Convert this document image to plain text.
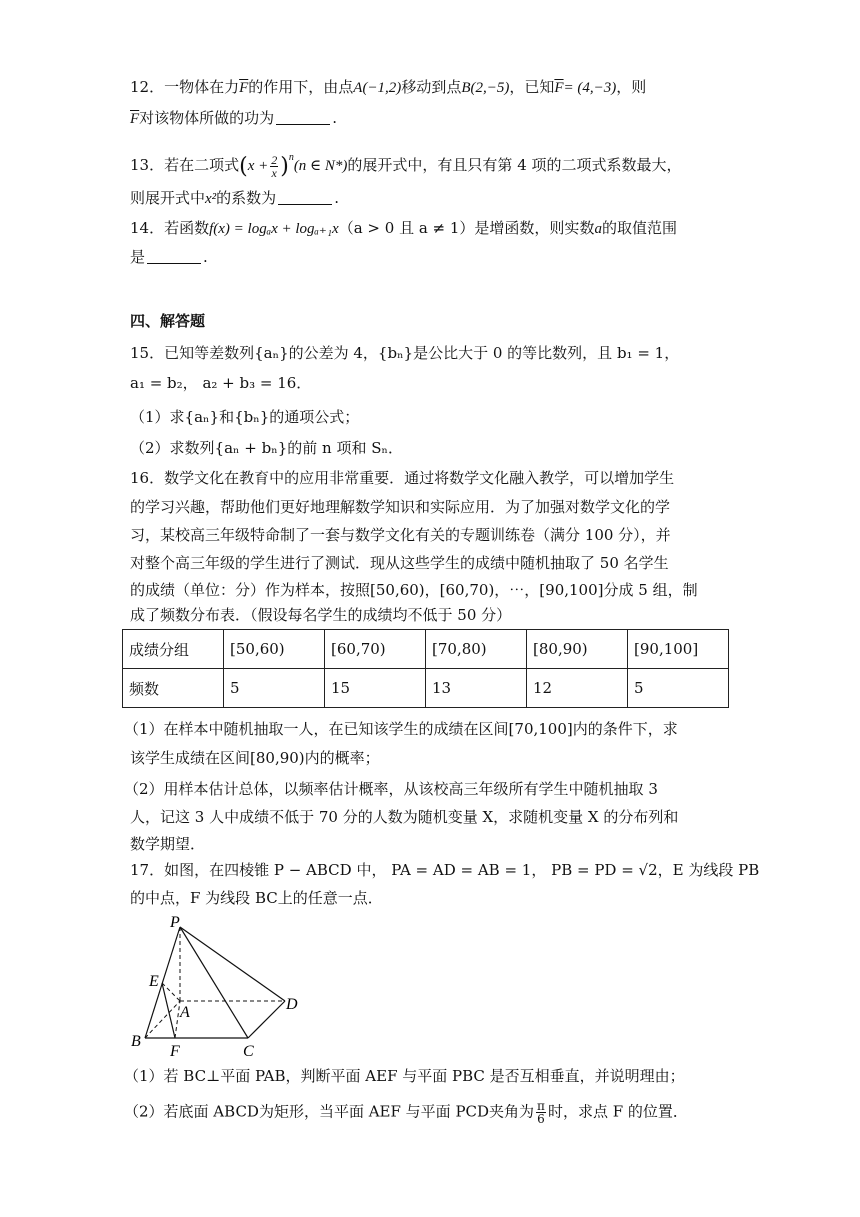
12．一物体在力$\overline{F}$的作用下，由点A(−1,2)移动到点B(2,−5)，已知$\overline{F}= (4,-3)$，则
$\overline{F}$对该物体所做的功为	.
13．若在二项式$(x + \frac{2}{x} )^n(n$ ∈ N*)的展开式中，有且只有第 4 项的二项式系数最大，
则展开式中x²的系数为	.
14．若函数f(x) = logₐx + logₐ₊₁x（a > 0 且 a ≠ 1）是增函数，则实数a的取值范围
是	.
四、解答题
15．已知等差数列{aₙ}的公差为 4，{bₙ}是公比大于 0 的等比数列，且 b₁ = 1，
a₁ = b₂， a₂ + b₃ = 16．
（1）求{aₙ}和{bₙ}的通项公式；
（2）求数列{aₙ + bₙ}的前 n 项和 Sₙ．
16．数学文化在教育中的应用非常重要．通过将数学文化融入教学，可以增加学生
的学习兴趣，帮助他们更好地理解数学知识和实际应用．为了加强对数学文化的学
习，某校高三年级特命制了一套与数学文化有关的专题训练卷（满分 100 分），并
对整个高三年级的学生进行了测试．现从这些学生的成绩中随机抽取了 50 名学生
的成绩（单位：分）作为样本，按照[50,60)，[60,70)，⋯，[90,100]分成 5 组，制
成了频数分布表．（假设每名学生的成绩均不低于 50 分）
成绩分组	[50,60)	[60,70)	[70,80)	[80,90)	[90,100]
频数	5	15	13	12	5
（1）在样本中随机抽取一人，在已知该学生的成绩在区间[70,100]内的条件下，求
该学生成绩在区间[80,90)内的概率；
（2）用样本估计总体，以频率估计概率，从该校高三年级所有学生中随机抽取 3
人，记这 3 人中成绩不低于 70 分的人数为随机变量 X，求随机变量 X 的分布列和
数学期望．
17．如图，在四棱锥 P − ABCD 中， PA = AD = AB = 1， PB = PD = √2，E 为线段 PB
的中点，F 为线段 BC上的任意一点．
P
E
A	D
B
F	C
（1）若 BC⊥平面 PAB，判断平面 AEF 与平面 PBC 是否互相垂直，并说明理由；
（2）若底面 ABCD为矩形，当平面 AEF 与平面 PCD夹角为 $\frac{\pi}{6}$ 时，求点 F 的位置．
